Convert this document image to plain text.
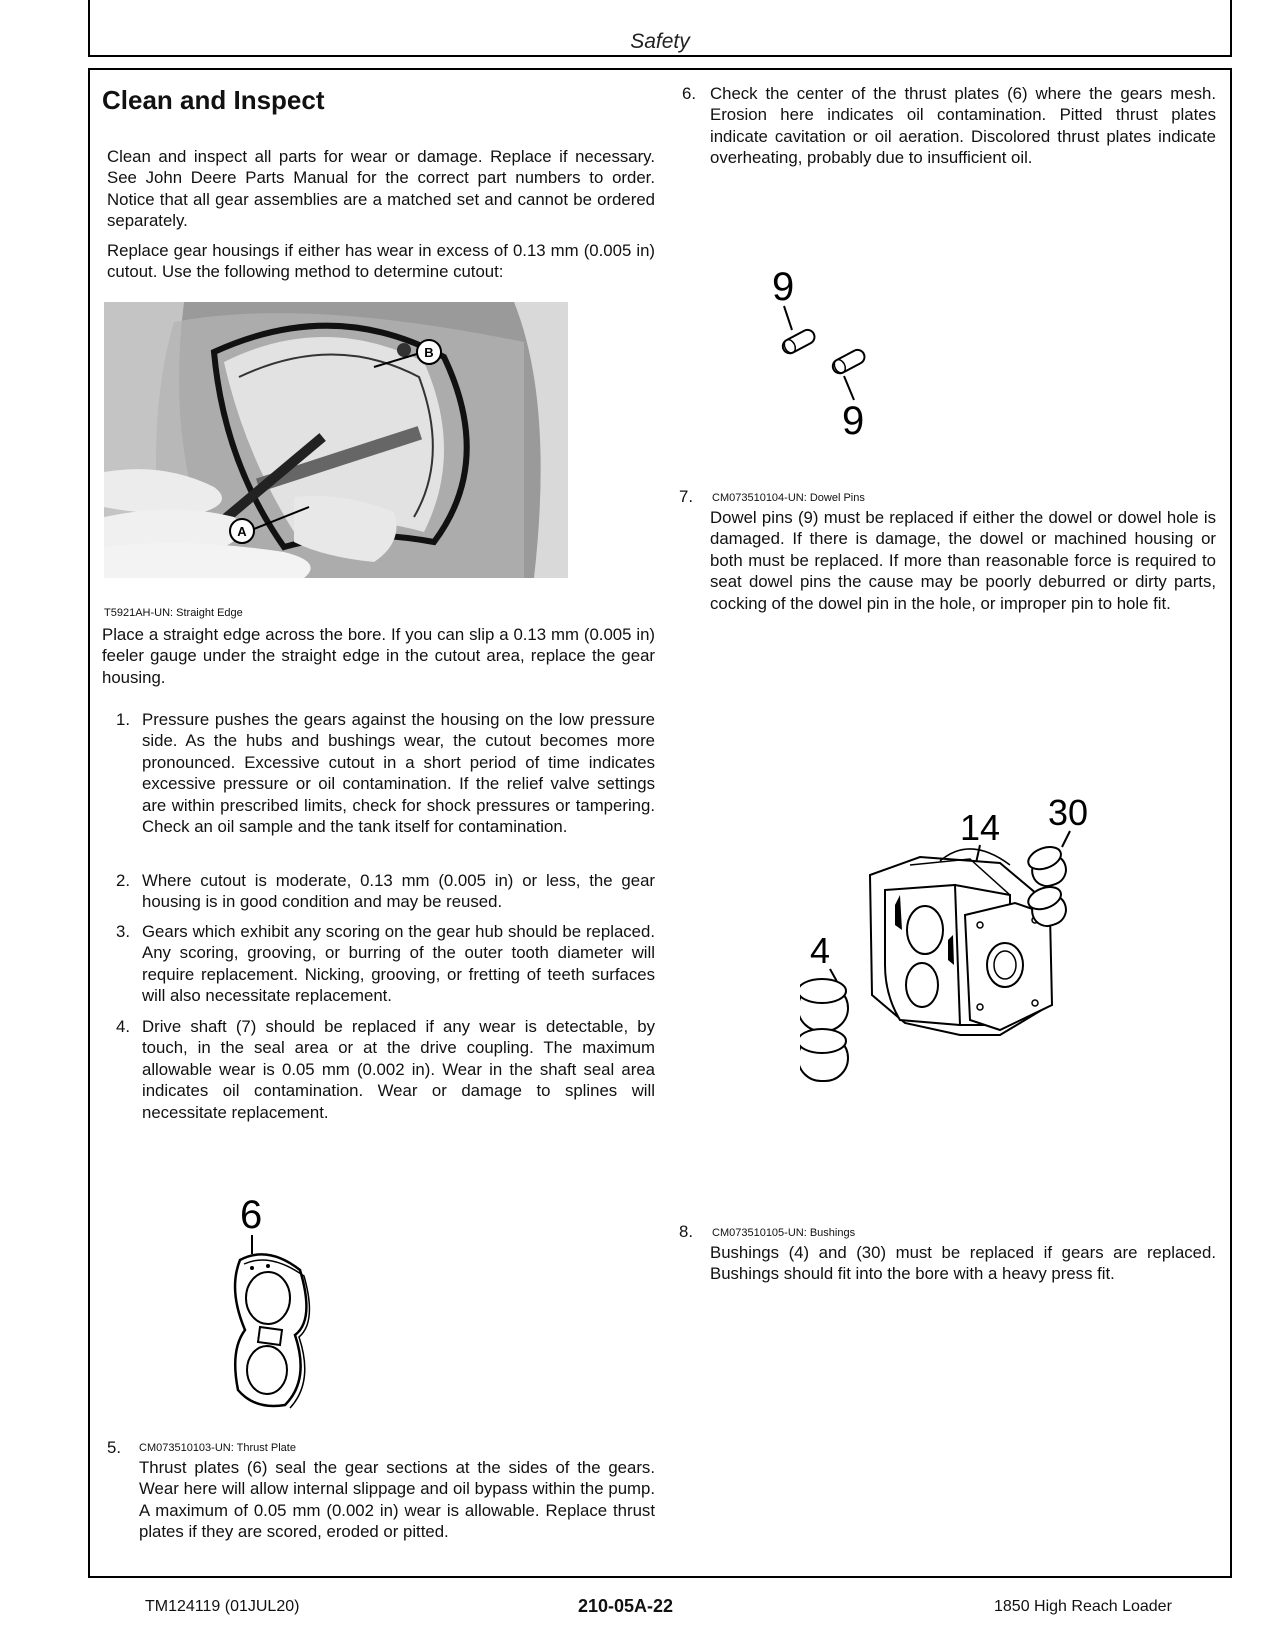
Safety
Clean and Inspect

Clean and inspect all parts for wear or damage. Replace if necessary. See John Deere Parts Manual for the correct part numbers to order. Notice that all gear assemblies are a matched set and cannot be ordered separately.

Replace gear housings if either has wear in excess of 0.13 mm (0.005 in) cutout. Use the following method to determine cutout:

B
A
T5921AH-UN: Straight Edge

Place a straight edge across the bore. If you can slip a 0.13 mm (0.005 in) feeler gauge under the straight edge in the cutout area, replace the gear housing.

1. Pressure pushes the gears against the housing on the low pressure side. As the hubs and bushings wear, the cutout becomes more pronounced. Excessive cutout in a short period of time indicates excessive pressure or oil contamination. If the relief valve settings are within prescribed limits, check for shock pressures or tampering. Check an oil sample and the tank itself for contamination.
2. Where cutout is moderate, 0.13 mm (0.005 in) or less, the gear housing is in good condition and may be reused.
3. Gears which exhibit any scoring on the gear hub should be replaced. Any scoring, grooving, or burring of the outer tooth diameter will require replacement. Nicking, grooving, or fretting of teeth surfaces will also necessitate replacement.
4. Drive shaft (7) should be replaced if any wear is detectable, by touch, in the seal area or at the drive coupling. The maximum allowable wear is 0.05 mm (0.002 in). Wear in the shaft seal area indicates oil contamination. Wear or damage to splines will necessitate replacement.
6
5. CM073510103-UN: Thrust Plate

Thrust plates (6) seal the gear sections at the sides of the gears. Wear here will allow internal slippage and oil bypass within the pump. A maximum of 0.05 mm (0.002 in) wear is allowable. Replace thrust plates if they are scored, eroded or pitted.

6. Check the center of the thrust plates (6) where the gears mesh. Erosion here indicates oil contamination. Pitted thrust plates indicate cavitation or oil aeration. Discolored thrust plates indicate overheating, probably due to insufficient oil.
9
9
7. CM073510104-UN: Dowel Pins

Dowel pins (9) must be replaced if either the dowel or dowel hole is damaged. If there is damage, the dowel or machined housing or both must be replaced. If more than reasonable force is required to seat dowel pins the cause may be poorly deburred or dirty parts, cocking of the dowel pin in the hole, or improper pin to hole fit.

14 30
4
8. CM073510105-UN: Bushings

Bushings (4) and (30) must be replaced if gears are replaced. Bushings should fit into the bore with a heavy press fit.

TM124119 (01JUL20)	210-05A-22	1850 High Reach Loader
